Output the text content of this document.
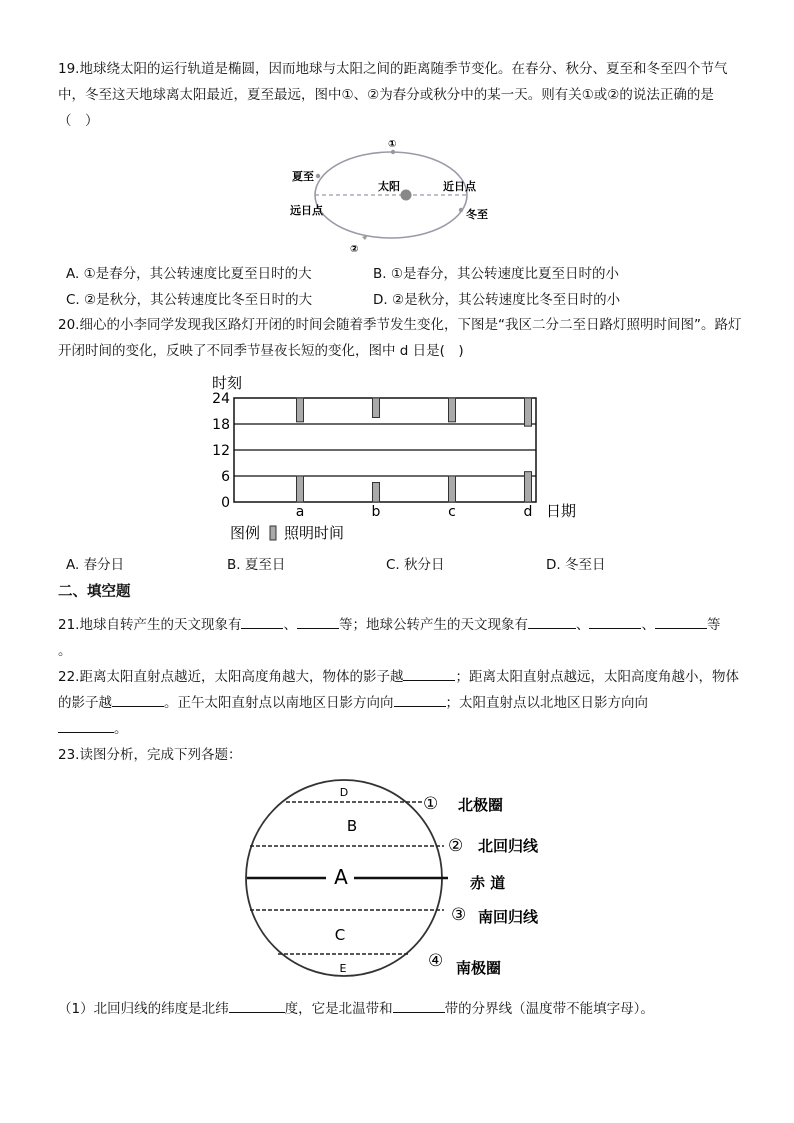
19.地球绕太阳的运行轨道是椭圆，因而地球与太阳之间的距离随季节变化。在春分、秋分、夏至和冬至四个节气中，冬至这天地球离太阳最近，夏至最远，图中①、②为春分或秋分中的某一天。则有关①或②的说法正确的是（　）
①
夏至
太阳	近日点
远日点	冬至
②
A. ①是春分，其公转速度比夏至日时的大	B. ①是春分，其公转速度比夏至日时的小
C. ②是秋分，其公转速度比冬至日时的大	D. ②是秋分，其公转速度比冬至日时的小
20.细心的小李同学发现我区路灯开闭的时间会随着季节发生变化，下图是“我区二分二至日路灯照明时间图”。路灯开闭时间的变化，反映了不同季节昼夜长短的变化，图中 d 日是(　)
时刻
0
6
12
18
24
a	b	c	d 日期
图例 照明时间
A. 春分日	B. 夏至日	C. 秋分日	D. 冬至日
二、填空题
21.地球自转产生的天文现象有	、	等；地球公转产生的天文现象有	、	、	等
。
22.距离太阳直射点越近，太阳高度角越大，物体的影子越	；距离太阳直射点越远，太阳高度角越小，物体的影子越	。正午太阳直射点以南地区日影方向向	；太阳直射点以北地区日影方向向
。
23.读图分析，完成下列各题：
D
B
A
C
E
①
②
③
④
北极圈
北回归线
赤 道
南回归线
南极圈
（1）北回归线的纬度是北纬	度，它是北温带和	带的分界线（温度带不能填字母）。
